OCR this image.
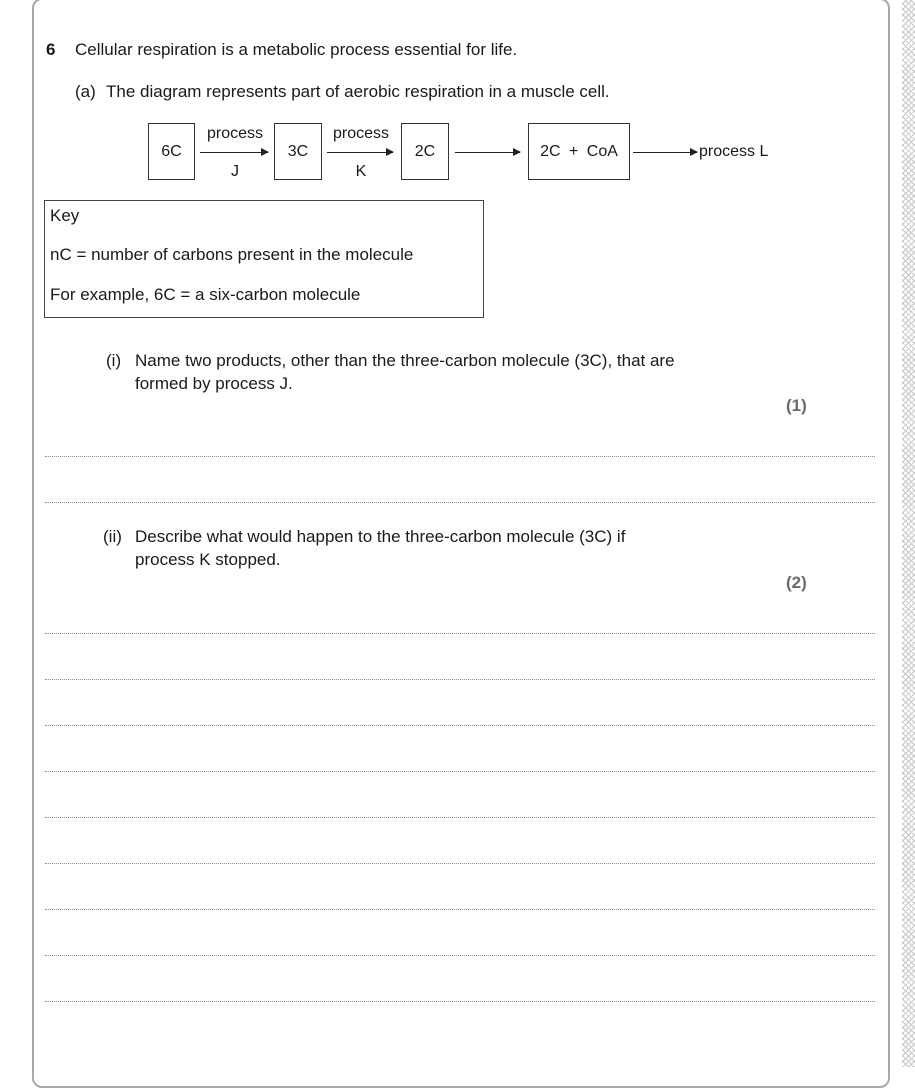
6 Cellular respiration is a metabolic process essential for life.
(a) The diagram represents part of aerobic respiration in a muscle cell.
6C
process
J
3C
process
K
2C	2C + CoA	process L
Key
nC = number of carbons present in the molecule
For example, 6C = a six-carbon molecule
(i) Name two products, other than the three-carbon molecule (3C), that are
formed by process J.
(1)
(ii) Describe what would happen to the three-carbon molecule (3C) if
process K stopped.
(2)
